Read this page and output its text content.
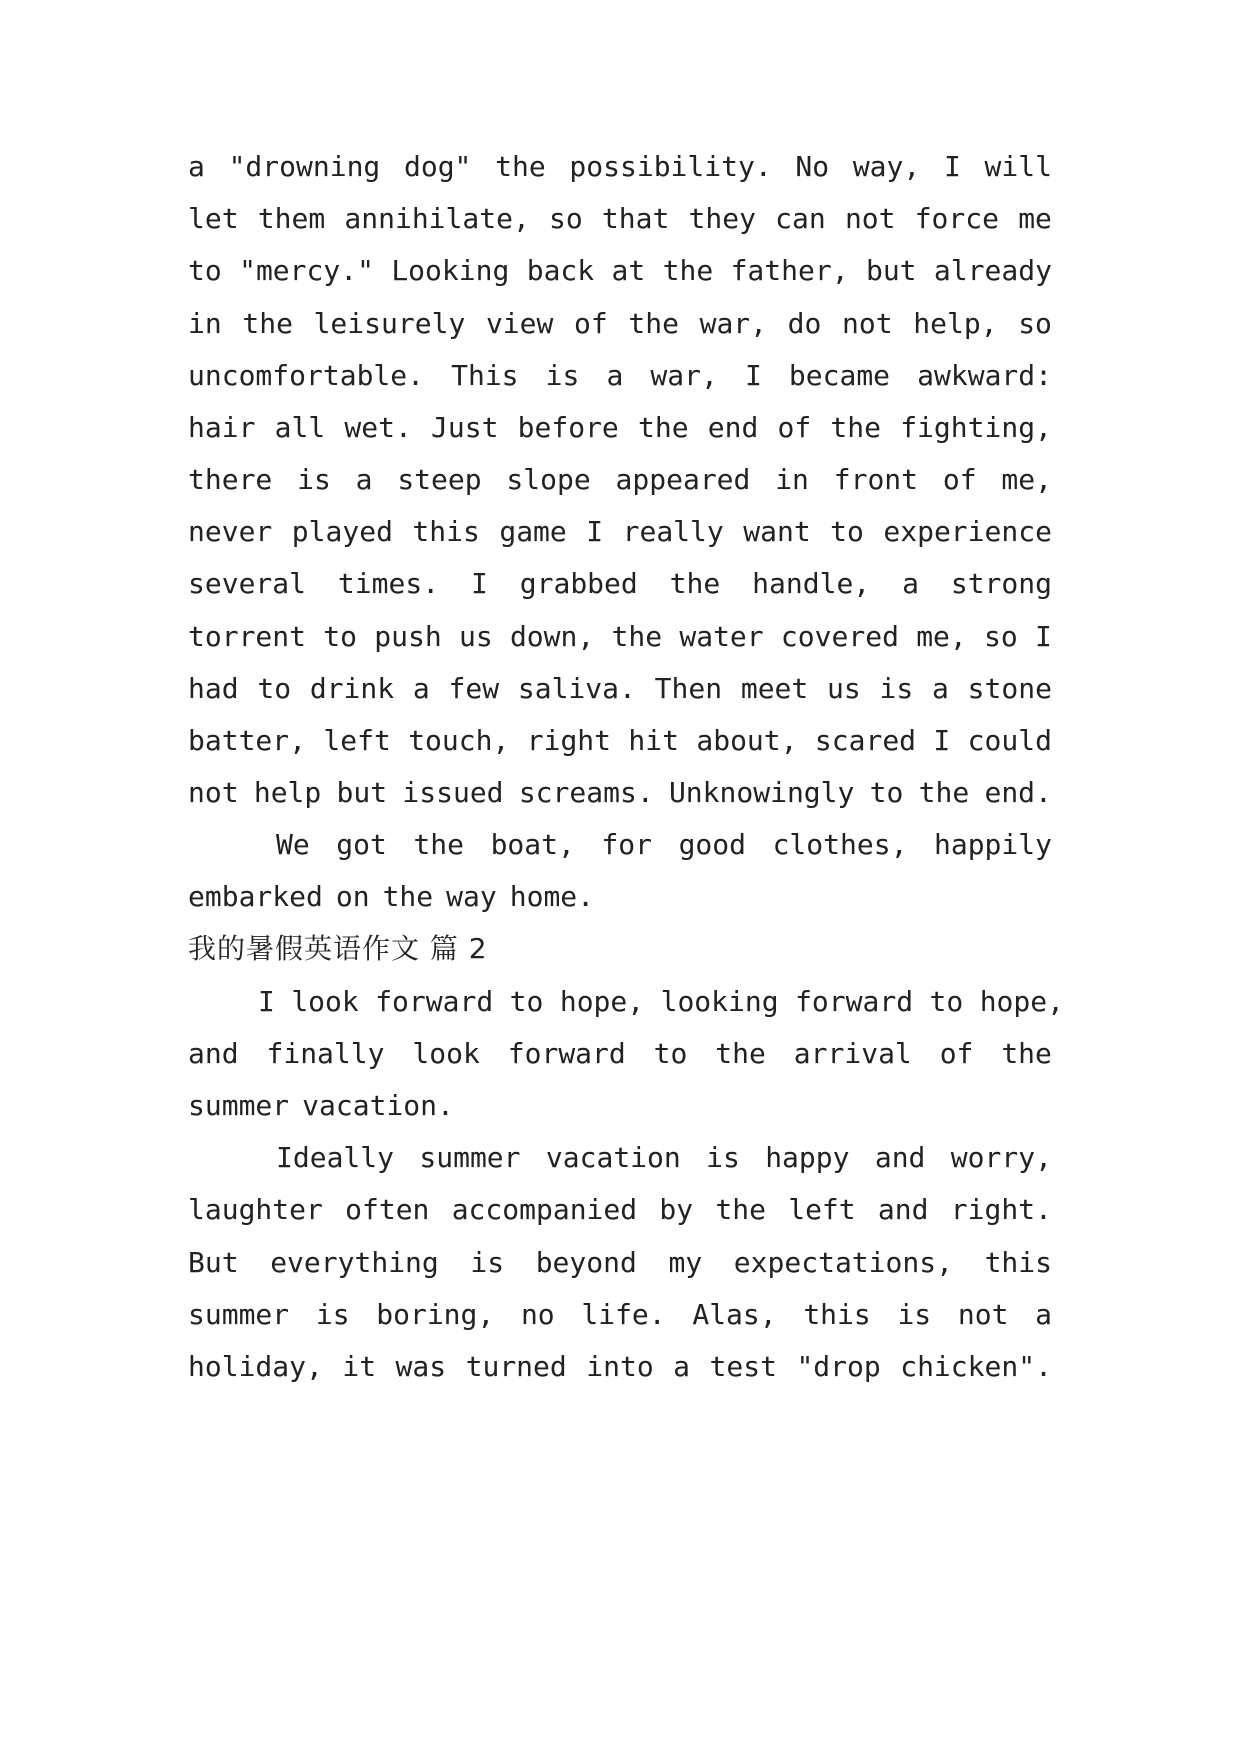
a "drowning dog" the possibility. No way, I will
let them annihilate, so that they can not force me
to "mercy." Looking back at the father, but already
in the leisurely view of the war, do not help, so
uncomfortable. This is a war, I became awkward:
hair all wet. Just before the end of the fighting,
there is a steep slope appeared in front of me,
never played this game I really want to experience
several times. I grabbed the handle, a strong
torrent to push us down, the water covered me, so I
had to drink a few saliva. Then meet us is a stone
batter, left touch, right hit about, scared I could
not help but issued screams. Unknowingly to the end.
We got the boat, for good clothes, happily
embarked on the way home.
我的暑假英语作文 篇 2
I look forward to hope, looking forward to hope,
and finally look forward to the arrival of the
summer vacation.
Ideally summer vacation is happy and worry,
laughter often accompanied by the left and right.
But everything is beyond my expectations, this
summer is boring, no life. Alas, this is not a
holiday, it was turned into a test "drop chicken".
